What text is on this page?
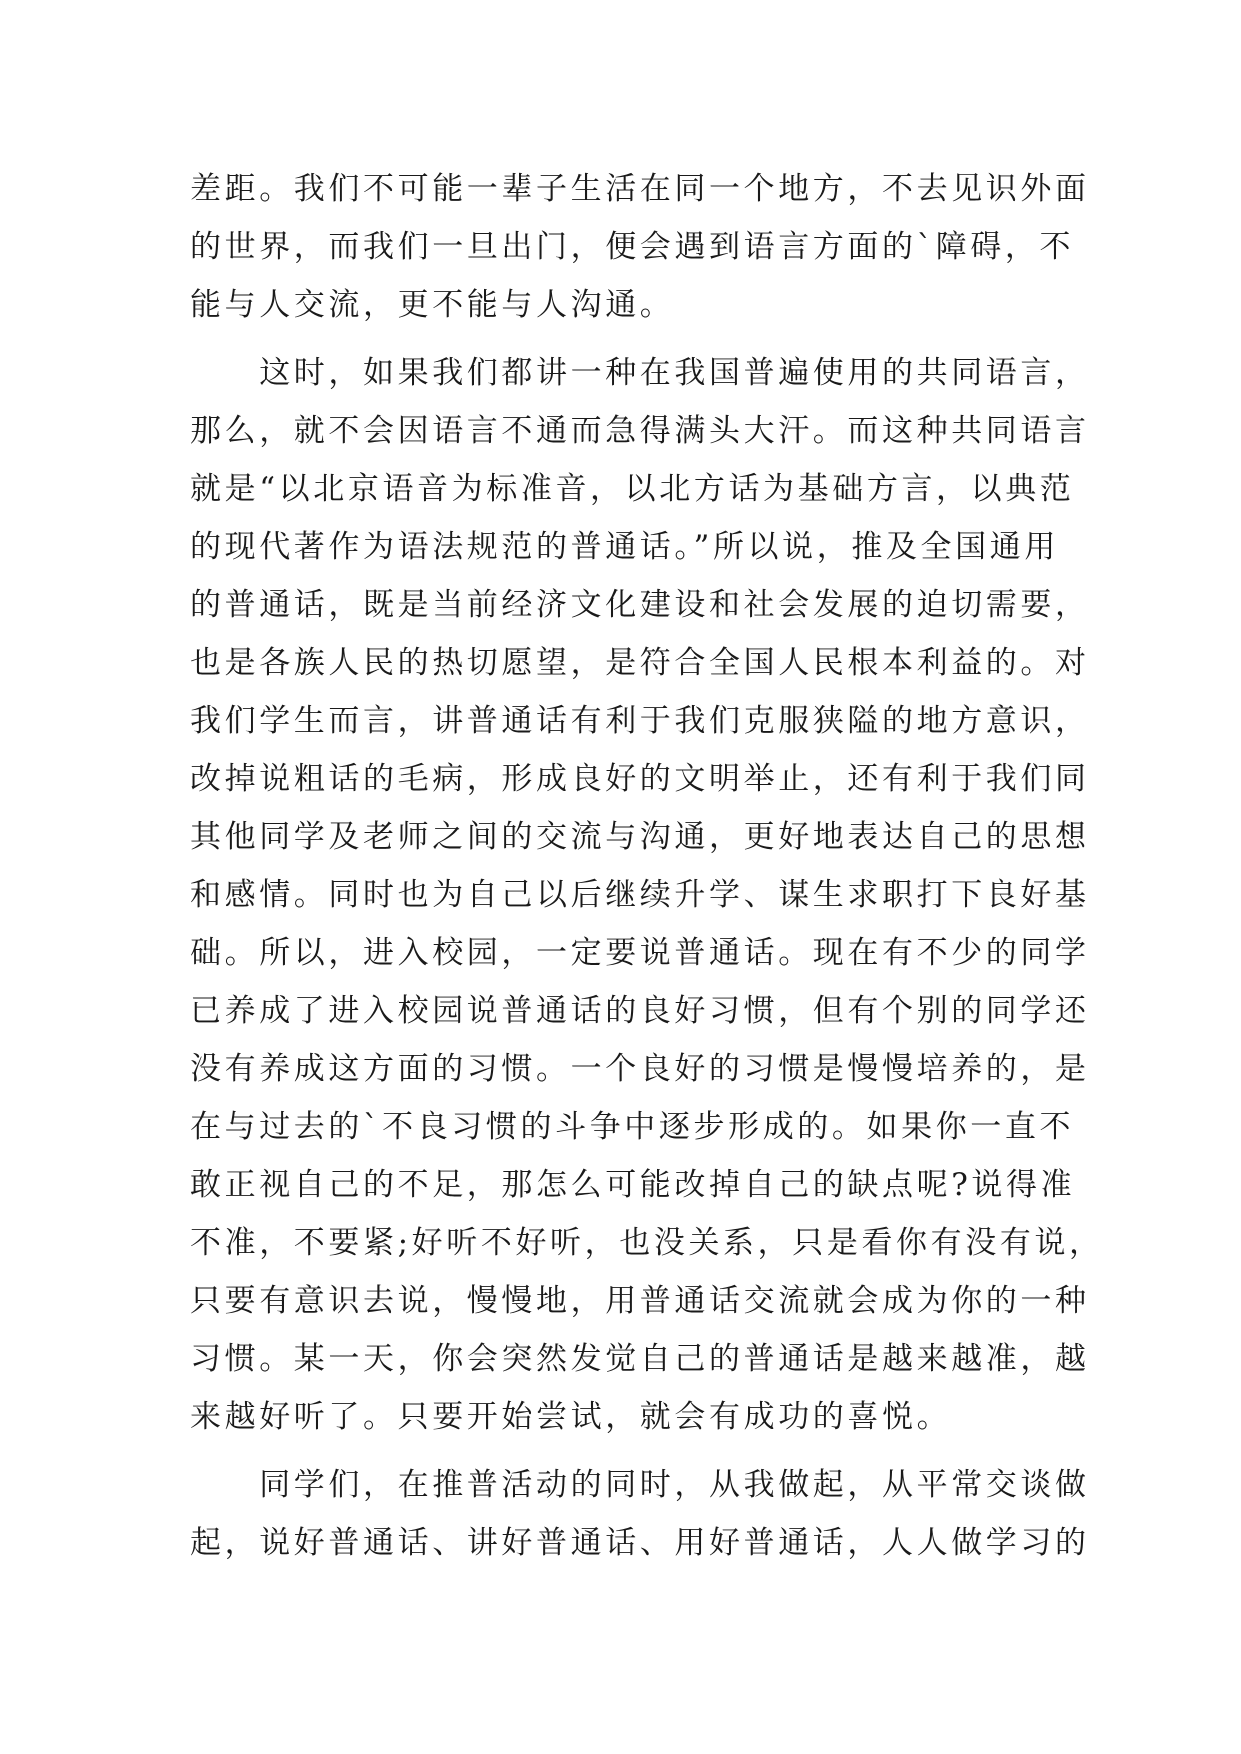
差距。我们不可能一辈子生活在同一个地方，不去见识外面
的世界，而我们一旦出门，便会遇到语言方面的`障碍，不
能与人交流，更不能与人沟通。
　　这时，如果我们都讲一种在我国普遍使用的共同语言，
那么，就不会因语言不通而急得满头大汗。而这种共同语言
就是“以北京语音为标准音，以北方话为基础方言，以典范
的现代著作为语法规范的普通话。”所以说，推及全国通用
的普通话，既是当前经济文化建设和社会发展的迫切需要，
也是各族人民的热切愿望，是符合全国人民根本利益的。对
我们学生而言，讲普通话有利于我们克服狭隘的地方意识，
改掉说粗话的毛病，形成良好的文明举止，还有利于我们同
其他同学及老师之间的交流与沟通，更好地表达自己的思想
和感情。同时也为自己以后继续升学、谋生求职打下良好基
础。所以，进入校园，一定要说普通话。现在有不少的同学
已养成了进入校园说普通话的良好习惯，但有个别的同学还
没有养成这方面的习惯。一个良好的习惯是慢慢培养的，是
在与过去的`不良习惯的斗争中逐步形成的。如果你一直不
敢正视自己的不足，那怎么可能改掉自己的缺点呢?说得准
不准，不要紧;好听不好听，也没关系，只是看你有没有说，
只要有意识去说，慢慢地，用普通话交流就会成为你的一种
习惯。某一天，你会突然发觉自己的普通话是越来越准，越
来越好听了。只要开始尝试，就会有成功的喜悦。
　　同学们，在推普活动的同时，从我做起，从平常交谈做
起，说好普通话、讲好普通话、用好普通话，人人做学习的
